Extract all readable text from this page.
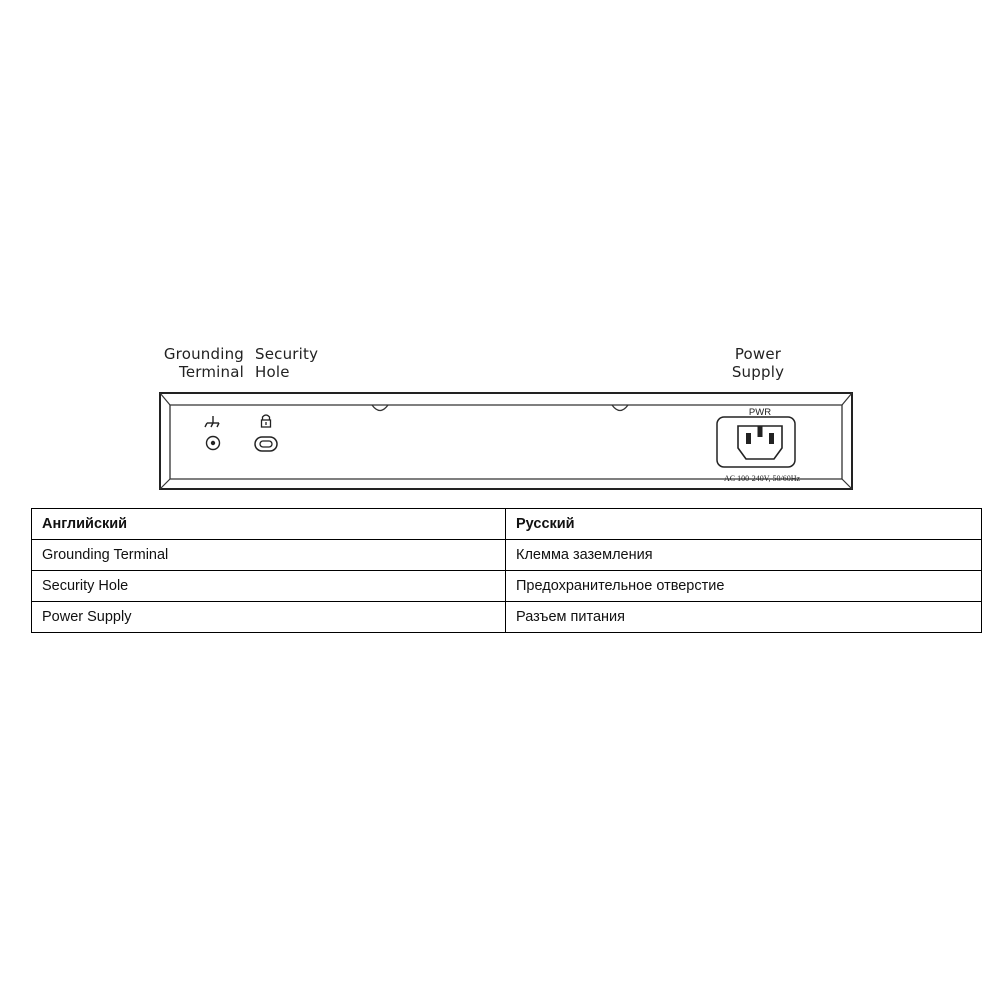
Grounding
Terminal
Security
Hole
Power
Supply
PWR
AC 100-240V, 50/60Hz
Английский	Русский
Grounding Terminal	Клемма заземления
Security Hole	Предохранительное отверстие
Power Supply	Разъем питания
